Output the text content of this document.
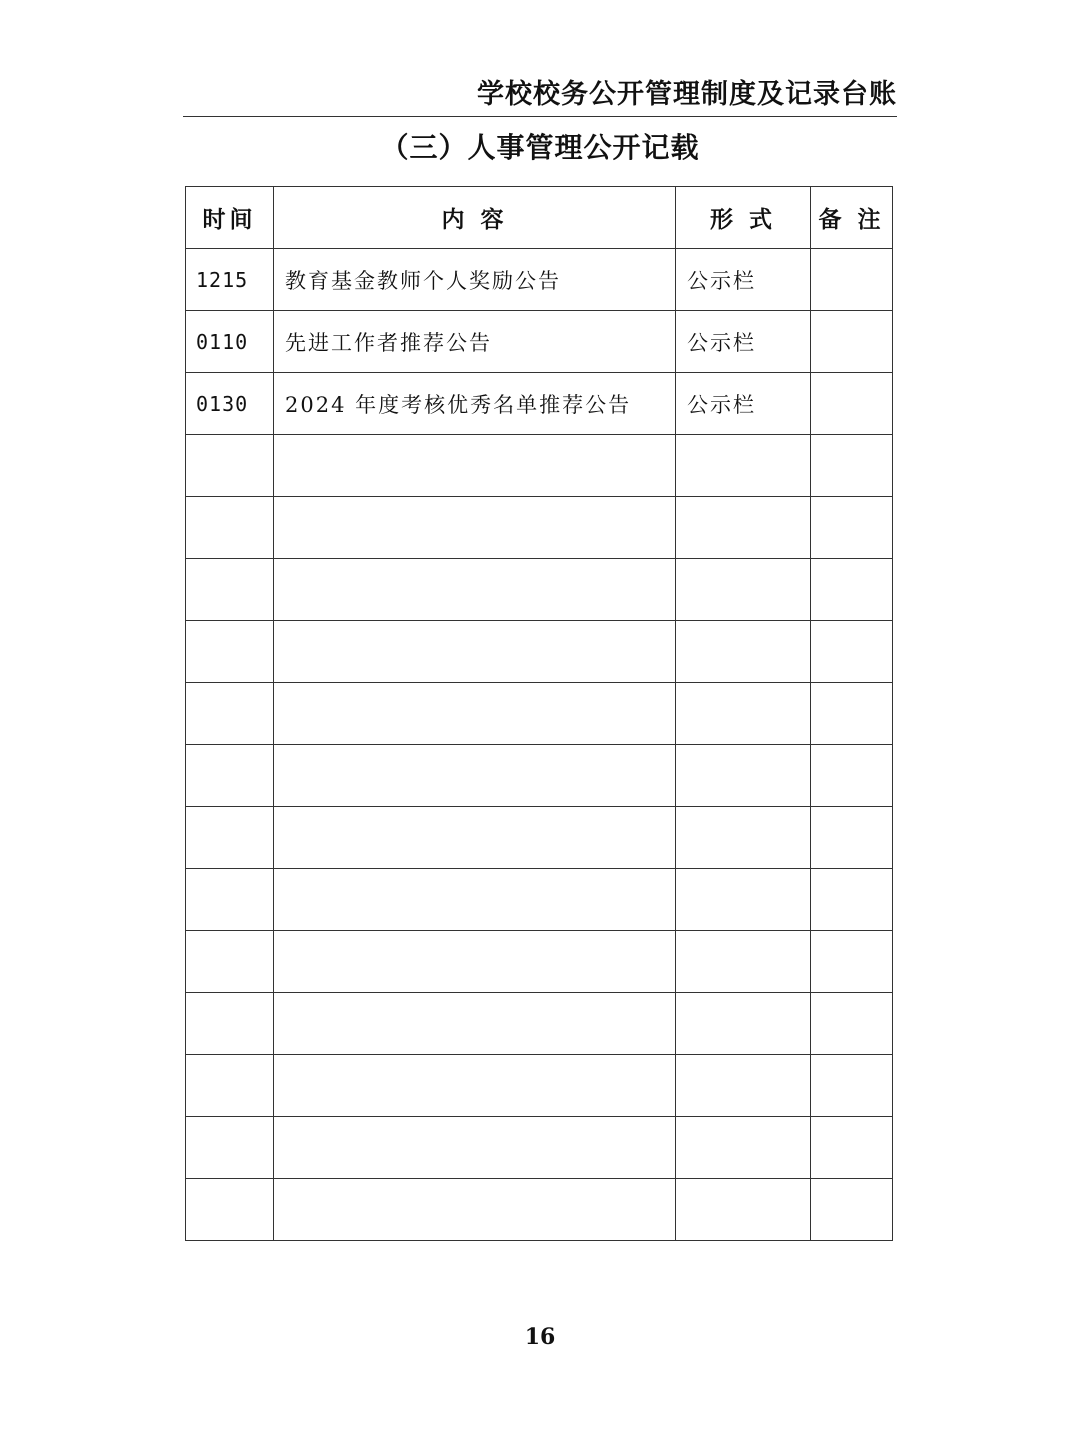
学校校务公开管理制度及记录台账
（三）人事管理公开记载
时间	内 容	形 式	备 注
1215	教育基金教师个人奖励公告	公示栏	
0110	先进工作者推荐公告	公示栏	
0130	2024 年度考核优秀名单推荐公告	公示栏	

16
